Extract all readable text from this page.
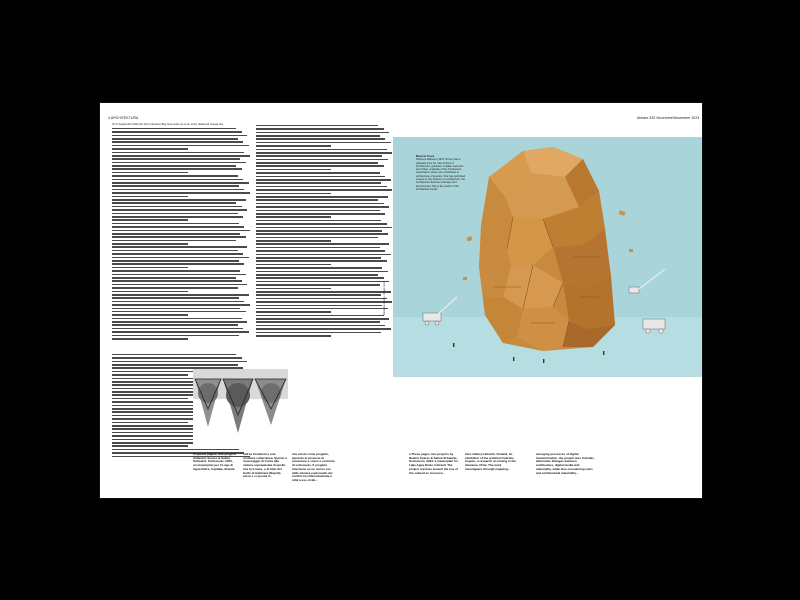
4 ARCHITEKTURA	Abitare 632 Novembre/November 2023
On 6 September 2020 the San Francisco Bay Area woke up to an eerily darkened orange sky.
Marjorie Tosca
Rebecca Malouse (1975, Rome) has a graduate from the Yale School of Architecture, graduate in Italian and Latin and Urban, graduate of the Architecture Association, where she contributes to architecture of practice. She has published essays on the Science on Architecture, the Architecture Science of Design and Environment. She is the author of the Architecture books
Immagine credito / Image credit
In queste pagine, due progetti di Beatriz Soares & Salma Schwartz, Sottosuolo, 2023, un masterplan per il Lago di Agua Dulce, Capitale, Brasile.
sull'ex Ciminiera e una struttura sotterranea. Questo è il passaggio di fronte alla cintura sopraelevata di quello che fu il mare, e di fatto del Golfo di Gattinara (Napoli), cerca e si sposta il...
che esiste come progetto, aprendo ai processi di estrazione e scavo e costruire di sottosuolo. Il progetto interviene su un nuovo uso delle miniere esplorando dei confini tra città industriale e città a uso civile...
a These pages, two projects by Beatriz Soares & Salma Schwartz, Sottosuolo, 2023, a masterplan for Lake Agua Dulce in Brazil. The project revolves around the use of the subsoil as resource...
Zero Gallery Helsinki, Finland, an exhibition of the architect Fabrizio Caputo, a research on mining in the Atacama, Chile. The work investigates through mapping...
emerging processes of digital transformation, the project also includes alternative linkages between architecture, digital media and materiality, while also considering ruins and architectural materiality...
